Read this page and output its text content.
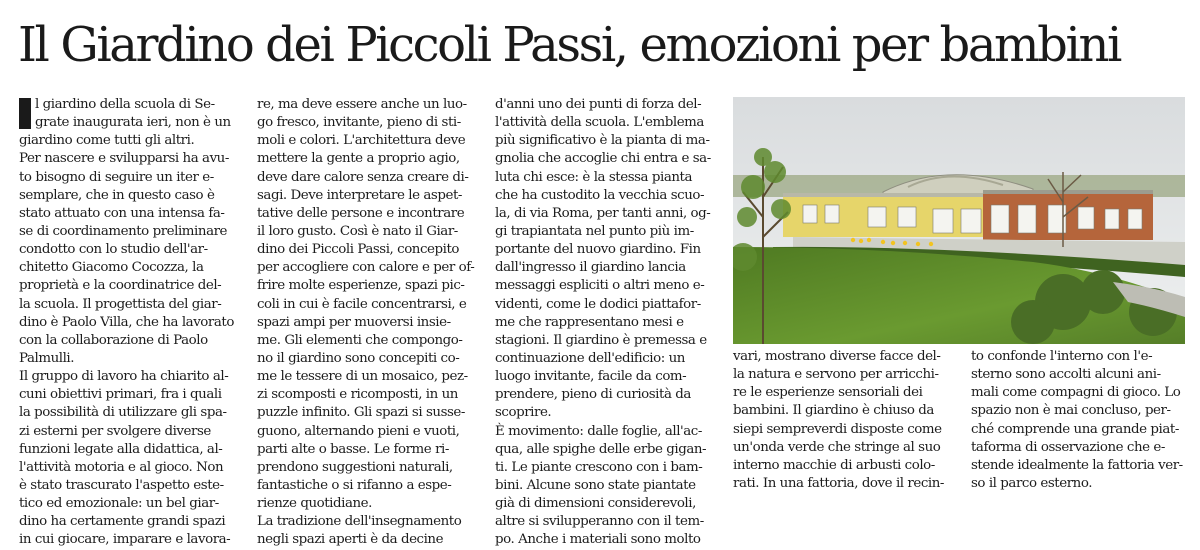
Il Giardino dei Piccoli Passi, emozioni per bambini
l giardino della scuola di Se-
grate inaugurata ieri, non è un
giardino come tutti gli altri.
Per nascere e svilupparsi ha avu-
to bisogno di seguire un iter e-
semplare, che in questo caso è
stato attuato con una intensa fa-
se di coordinamento preliminare
condotto con lo studio dell'ar-
chitetto Giacomo Cocozza, la
proprietà e la coordinatrice del-
la scuola. Il progettista del giar-
dino è Paolo Villa, che ha lavorato
con la collaborazione di Paolo
Palmulli.
Il gruppo di lavoro ha chiarito al-
cuni obiettivi primari, fra i quali
la possibilità di utilizzare gli spa-
zi esterni per svolgere diverse
funzioni legate alla didattica, al-
l'attività motoria e al gioco. Non
è stato trascurato l'aspetto este-
tico ed emozionale: un bel giar-
dino ha certamente grandi spazi
in cui giocare, imparare e lavora-
re, ma deve essere anche un luo-
go fresco, invitante, pieno di sti-
moli e colori. L'architettura deve
mettere la gente a proprio agio,
deve dare calore senza creare di-
sagi. Deve interpretare le aspet-
tative delle persone e incontrare
il loro gusto. Così è nato il Giar-
dino dei Piccoli Passi, concepito
per accogliere con calore e per of-
frire molte esperienze, spazi pic-
coli in cui è facile concentrarsi, e
spazi ampi per muoversi insie-
me. Gli elementi che compongo-
no il giardino sono concepiti co-
me le tessere di un mosaico, pez-
zi scomposti e ricomposti, in un
puzzle infinito. Gli spazi si susse-
guono, alternando pieni e vuoti,
parti alte o basse. Le forme ri-
prendono suggestioni naturali,
fantastiche o si rifanno a espe-
rienze quotidiane.
La tradizione dell'insegnamento
negli spazi aperti è da decine
d'anni uno dei punti di forza del-
l'attività della scuola. L'emblema
più significativo è la pianta di ma-
gnolia che accoglie chi entra e sa-
luta chi esce: è la stessa pianta
che ha custodito la vecchia scuo-
la, di via Roma, per tanti anni, og-
gi trapiantata nel punto più im-
portante del nuovo giardino. Fin
dall'ingresso il giardino lancia
messaggi espliciti o altri meno e-
videnti, come le dodici piattafor-
me che rappresentano mesi e
stagioni. Il giardino è premessa e
continuazione dell'edificio: un
luogo invitante, facile da com-
prendere, pieno di curiosità da
scoprire.
È movimento: dalle foglie, all'ac-
qua, alle spighe delle erbe gigan-
ti. Le piante crescono con i bam-
bini. Alcune sono state piantate
già di dimensioni considerevoli,
altre si svilupperanno con il tem-
po. Anche i materiali sono molto
vari, mostrano diverse facce del-
la natura e servono per arricchi-
re le esperienze sensoriali dei
bambini. Il giardino è chiuso da
siepi sempreverdi disposte come
un'onda verde che stringe al suo
interno macchie di arbusti colo-
rati. In una fattoria, dove il recin-
to confonde l'interno con l'e-
sterno sono accolti alcuni ani-
mali come compagni di gioco. Lo
spazio non è mai concluso, per-
ché comprende una grande piat-
taforma di osservazione che e-
stende idealmente la fattoria ver-
so il parco esterno.
